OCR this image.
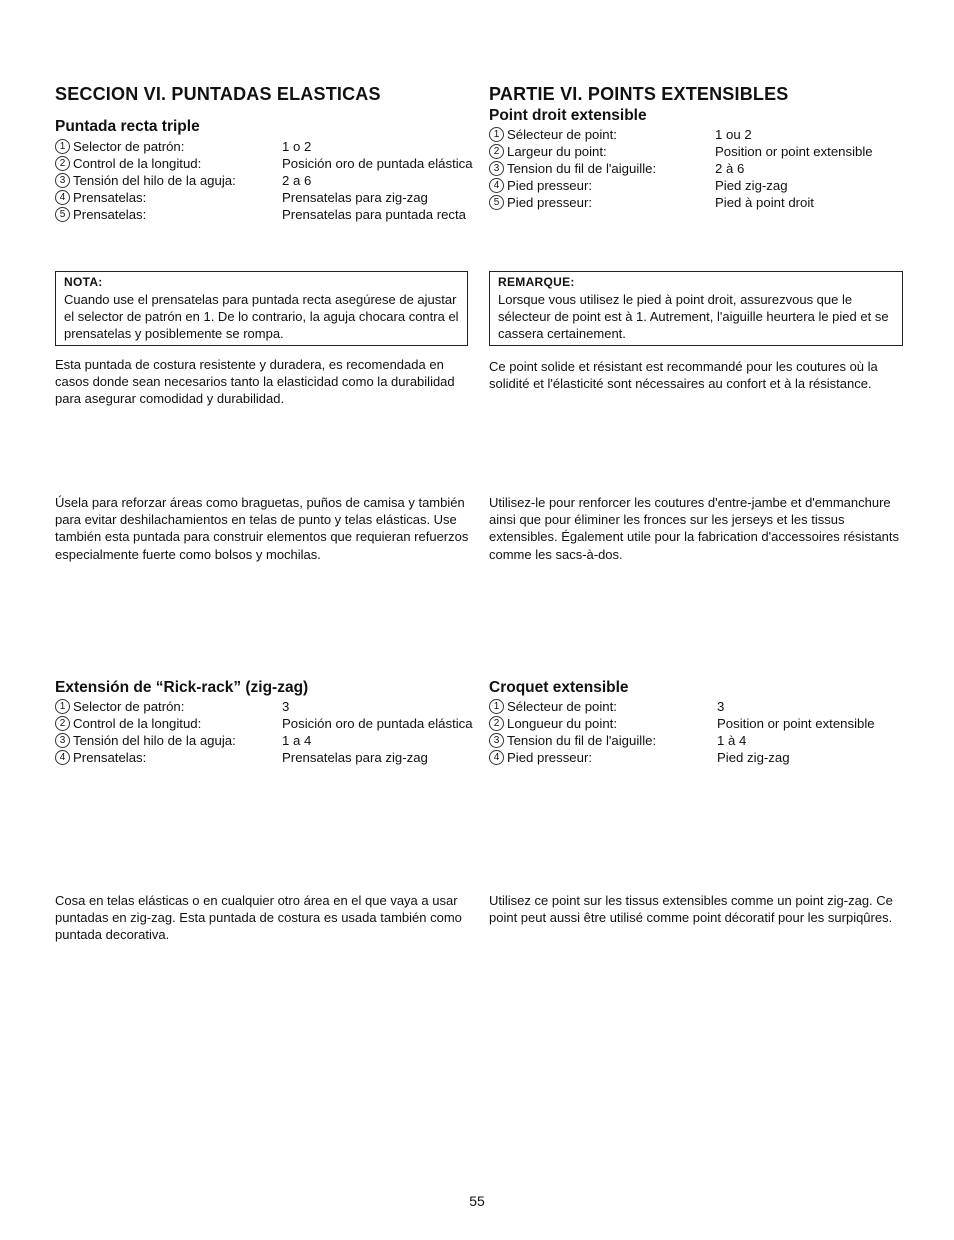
SECCION VI. PUNTADAS ELASTICAS
Puntada recta triple
1 Selector de patrón:	1 o 2
2 Control de la longitud:	Posición oro de puntada elástica
3 Tensión del hilo de la aguja:	2 a 6
4 Prensatelas:	Prensatelas para zig-zag
5 Prensatelas:	Prensatelas para puntada recta
NOTA:
Cuando use el prensatelas para puntada recta asegúrese de ajustar el selector de patrón en 1. De lo contrario, la aguja chocara contra el prensatelas y posiblemente se rompa.
Esta puntada de costura resistente y duradera, es recomendada en casos donde sean necesarios tanto la elasticidad como la durabilidad para asegurar comodidad y durabilidad.
Úsela para reforzar áreas como braguetas, puños de camisa y también para evitar deshilachamientos en telas de punto y telas elásticas. Use también esta puntada para construir elementos que requieran refuerzos especialmente fuerte como bolsos y mochilas.
Extensión de “Rick-rack” (zig-zag)
1 Selector de patrón:	3
2 Control de la longitud:	Posición oro de puntada elástica
3 Tensión del hilo de la aguja:	1 a 4
4 Prensatelas:	Prensatelas para zig-zag
Cosa en telas elásticas o en cualquier otro área en el que vaya a usar puntadas en zig-zag. Esta puntada de costura es usada también como puntada decorativa.
PARTIE VI. POINTS EXTENSIBLES
Point droit extensible
1 Sélecteur de point:	1 ou 2
2 Largeur du point:	Position or point extensible
3 Tension du fil de l'aiguille:	2 à 6
4 Pied presseur:	Pied zig-zag
5 Pied presseur:	Pied à point droit
REMARQUE:
Lorsque vous utilisez le pied à point droit, assurezvous que le sélecteur de point est à 1. Autrement, l'aiguille heurtera le pied et se cassera certainement.
Ce point solide et résistant est recommandé pour les coutures où la solidité et l'élasticité sont nécessaires au confort et à la résistance.
Utilisez-le pour renforcer les coutures d'entre-jambe et d'emmanchure ainsi que pour éliminer les fronces sur les jerseys et les tissus extensibles. Également utile pour la fabrication d'accessoires résistants comme les sacs-à-dos.
Croquet extensible
1 Sélecteur de point:	3
2 Longueur du point:	Position or point extensible
3 Tension du fil de l'aiguille:	1 à 4
4 Pied presseur:	Pied zig-zag
Utilisez ce point sur les tissus extensibles comme un point zig-zag. Ce point peut aussi être utilisé comme point décoratif pour les surpiqûres.
55
